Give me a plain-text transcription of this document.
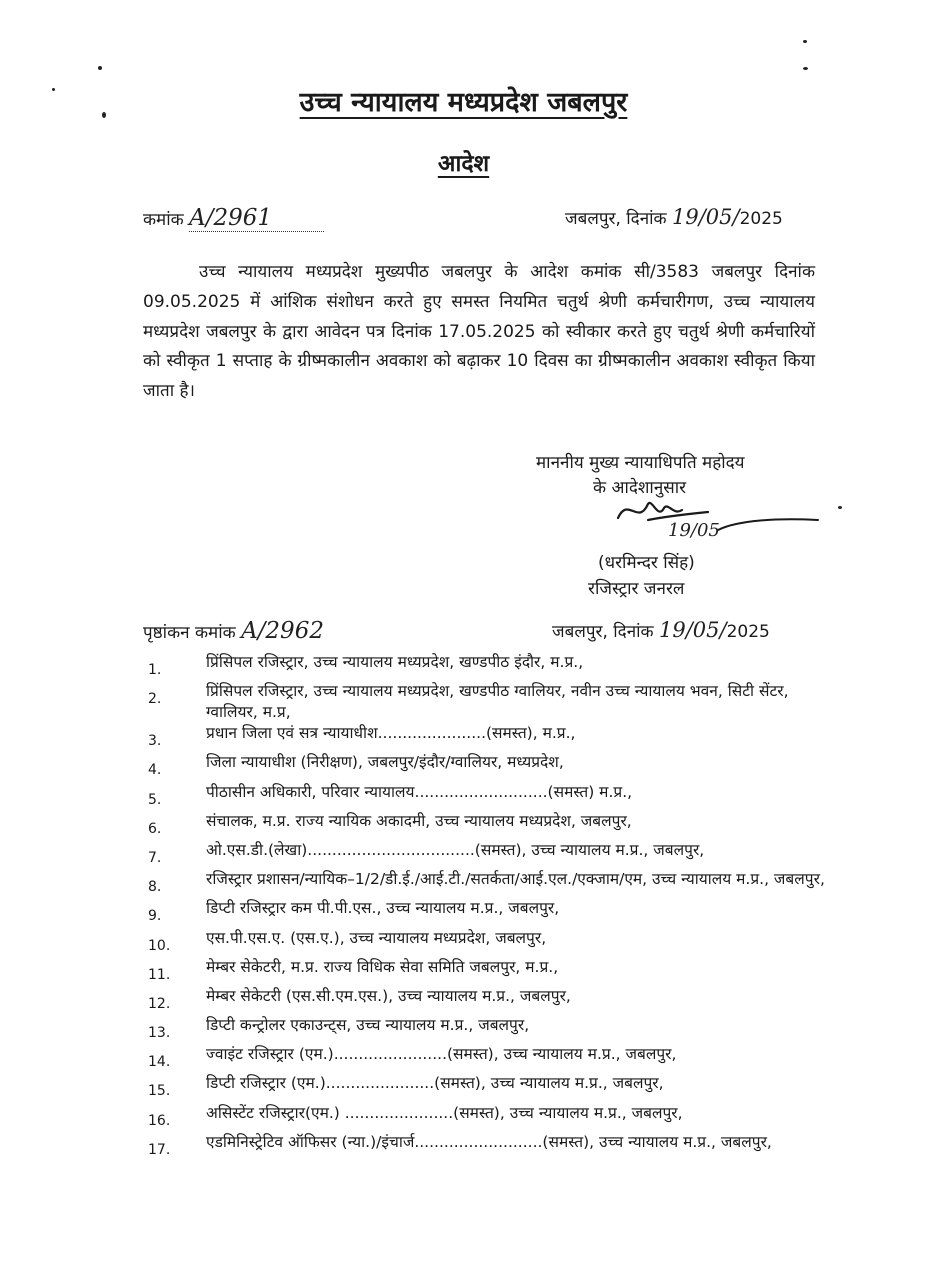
उच्च न्यायालय मध्यप्रदेश जबलपुर
आदेश
कमांक A/2961	जबलपुर, दिनांक 19/05/2025
उच्च न्यायालय मध्यप्रदेश मुख्यपीठ जबलपुर के आदेश कमांक सी/3583 जबलपुर दिनांक 09.05.2025 में आंशिक संशोधन करते हुए समस्त नियमित चतुर्थ श्रेणी कर्मचारीगण, उच्च न्यायालय मध्यप्रदेश जबलपुर के द्वारा आवेदन पत्र दिनांक 17.05.2025 को स्वीकार करते हुए चतुर्थ श्रेणी कर्मचारियों को स्वीकृत 1 सप्ताह के ग्रीष्मकालीन अवकाश को बढ़ाकर 10 दिवस का ग्रीष्मकालीन अवकाश स्वीकृत किया जाता है।
माननीय मुख्य न्यायाधिपति महोदय
के आदेशानुसार
19/05
(धरमिन्दर सिंह)
रजिस्ट्रार जनरल
पृष्ठांकन कमांक A/2962	जबलपुर, दिनांक 19/05/2025
1.	प्रिंसिपल रजिस्ट्रार, उच्च न्यायालय मध्यप्रदेश, खण्डपीठ इंदौर, म.प्र.,
2.	प्रिंसिपल रजिस्ट्रार, उच्च न्यायालय मध्यप्रदेश, खण्डपीठ ग्वालियर, नवीन उच्च न्यायालय भवन, सिटी सेंटर, ग्वालियर, म.प्र,
3.	प्रधान जिला एवं सत्र न्यायाधीश......................(समस्त), म.प्र.,
4.	जिला न्यायाधीश (निरीक्षण), जबलपुर/इंदौर/ग्वालियर, मध्यप्रदेश,
5.	पीठासीन अधिकारी, परिवार न्यायालय...........................(समस्त) म.प्र.,
6.	संचालक, म.प्र. राज्य न्यायिक अकादमी, उच्च न्यायालय मध्यप्रदेश, जबलपुर,
7.	ओ.एस.डी.(लेखा)..................................(समस्त), उच्च न्यायालय म.प्र., जबलपुर,
8.	रजिस्ट्रार प्रशासन/न्यायिक–1/2/डी.ई./आई.टी./सतर्कता/आई.एल./एक्जाम/एम, उच्च न्यायालय म.प्र., जबलपुर,
9.	डिप्टी रजिस्ट्रार कम पी.पी.एस., उच्च न्यायालय म.प्र., जबलपुर,
10.	एस.पी.एस.ए. (एस.ए.), उच्च न्यायालय मध्यप्रदेश, जबलपुर,
11.	मेम्बर सेकेटरी, म.प्र. राज्य विधिक सेवा समिति जबलपुर, म.प्र.,
12.	मेम्बर सेकेटरी (एस.सी.एम.एस.), उच्च न्यायालय म.प्र., जबलपुर,
13.	डिप्टी कन्ट्रोलर एकाउन्ट्स, उच्च न्यायालय म.प्र., जबलपुर,
14.	ज्वाइंट रजिस्ट्रार (एम.).......................(समस्त), उच्च न्यायालय म.प्र., जबलपुर,
15.	डिप्टी रजिस्ट्रार (एम.)......................(समस्त), उच्च न्यायालय म.प्र., जबलपुर,
16.	असिस्टेंट रजिस्ट्रार(एम.) ......................(समस्त), उच्च न्यायालय म.प्र., जबलपुर,
17.	एडमिनिस्ट्रेटिव ऑफिसर (न्या.)/इंचार्ज..........................(समस्त), उच्च न्यायालय म.प्र., जबलपुर,
